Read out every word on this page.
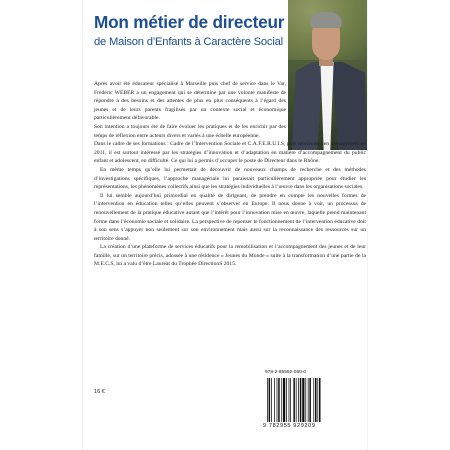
Mon métier de directeur
de Maison d’Enfants à Caractère Social

Après avoir été éducateur spécialisé à Marseille puis chef de service dans le Var, Frédéric WEBER a un engagement qui se détermine par une volonté manifeste de répondre à des besoins et des attentes de plus en plus conséquents à l’égard des jeunes et de leurs parents fragilisés par un contexte social et économique particulièrement défavorable.

Son intention a toujours été de faire évoluer les pratiques et de les enrichir par des temps de réflexion entre acteurs divers et variés à une échelle européenne.

Dans le cadre de ses formations : Cadre de l’Intervention Sociale et C.A.F.E.R.U.I.S, puis réorientées en management en 2011, il est surtout intéressé par les stratégies d’innovation et d’adaptation en matière d’accompagnement du public enfant et adolescent, en difficulté. Ce qui lui a permis d’occuper le poste de Directeur dans le Rhône.

En même temps qu’elle lui permettait de découvrir de nouveaux champs de recherche et des méthodes d’investigations spécifiques, l’approche managériale lui paraissait particulièrement appropriée pour étudier les représentations, les phénomènes collectifs ainsi que les stratégies individuelles à l’œuvre dans les organisations sociales.

Il lui semble aujourd’hui primordial en qualité de dirigeant, de prendre en compte les nouvelles formes de l’intervention en éducation telles qu’elles peuvent s’observer en Europe. Il nous donne à voir, un processus de renouvellement de la pratique éducative autant que l’intérêt pour l’innovation mise en œuvre, laquelle prend maintenant forme dans l’économie sociale et solidaire. La perspective de repenser le fonctionnement de l’intervention éducative doit à son sens s’appuyer non seulement sur son environnement mais aussi sur la reconnaissance des ressources sur un territoire donné.

La création d’une plateforme de services éducatifs pour la remobilisation et l’accompagnement des jeunes et de leur famille, sur un territoire précis, adossée à une résidence « Jeunes du Monde » suite à la transformation d’une partie de la M.E.C.S, lui a valu d’être Lauréat du Trophée DirectionS 2015.

16 €
978-2-85592-050-0
9 782955 929209
